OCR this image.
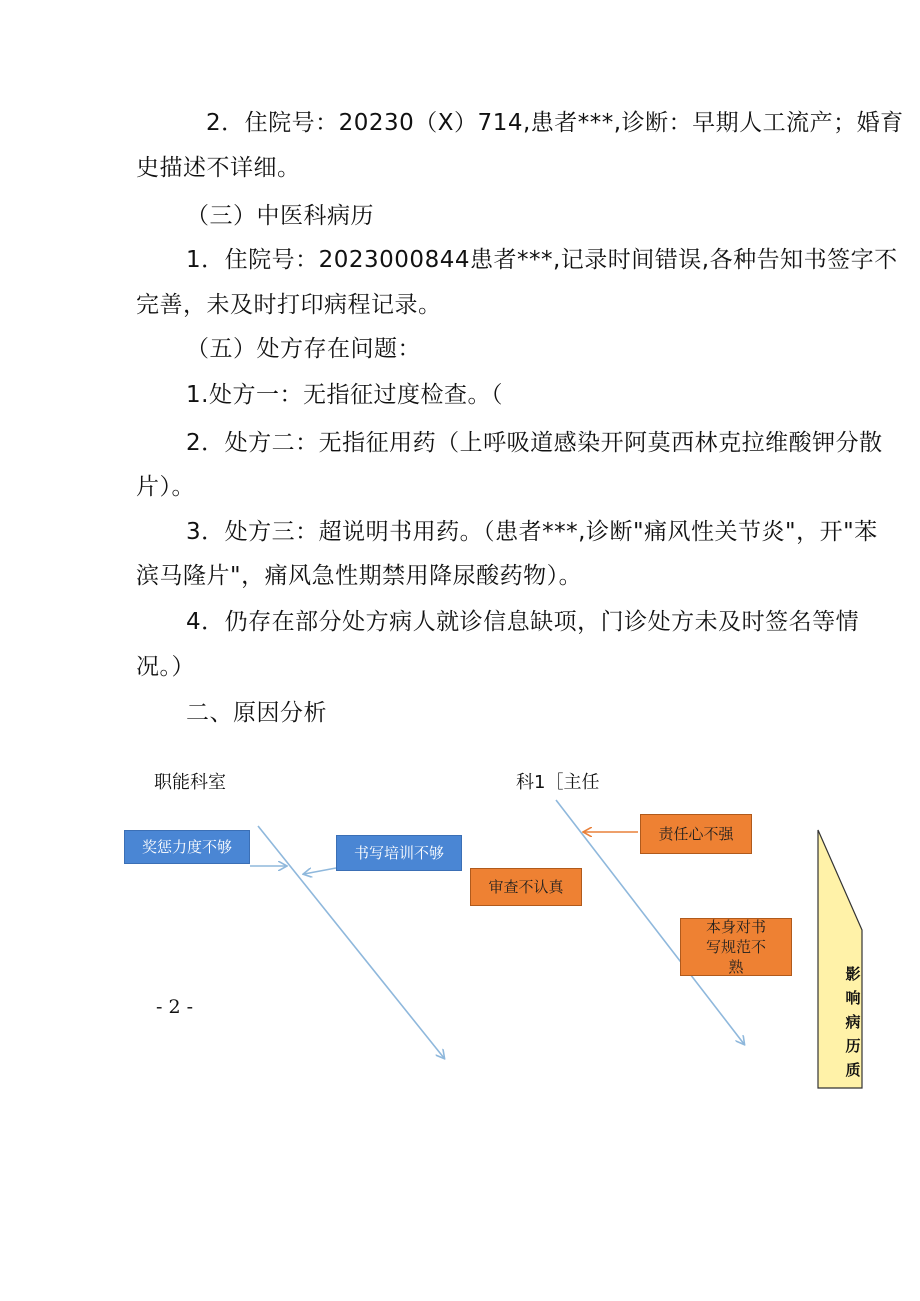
2．住院号：20230（X）714,患者***,诊断：早期人工流产；婚育
史描述不详细。
（三）中医科病历
1．住院号：2023000844患者***,记录时间错误,各种告知书签字不
完善，未及时打印病程记录。
（五）处方存在问题：
1.处方一：无指征过度检查。（
2．处方二：无指征用药（上呼吸道感染开阿莫西林克拉维酸钾分散
片）。
3．处方三：超说明书用药。（患者***,诊断"痛风性关节炎"，开"苯
滨马隆片"，痛风急性期禁用降尿酸药物）。
4．仍存在部分处方病人就诊信息缺项，门诊处方未及时签名等情
况。）
二、原因分析
职能科室	科1［主任
奖惩力度不够	书写培训不够
审查不认真
责任心不强
本身对书写规范不熟	影响病历质
- 2 -
